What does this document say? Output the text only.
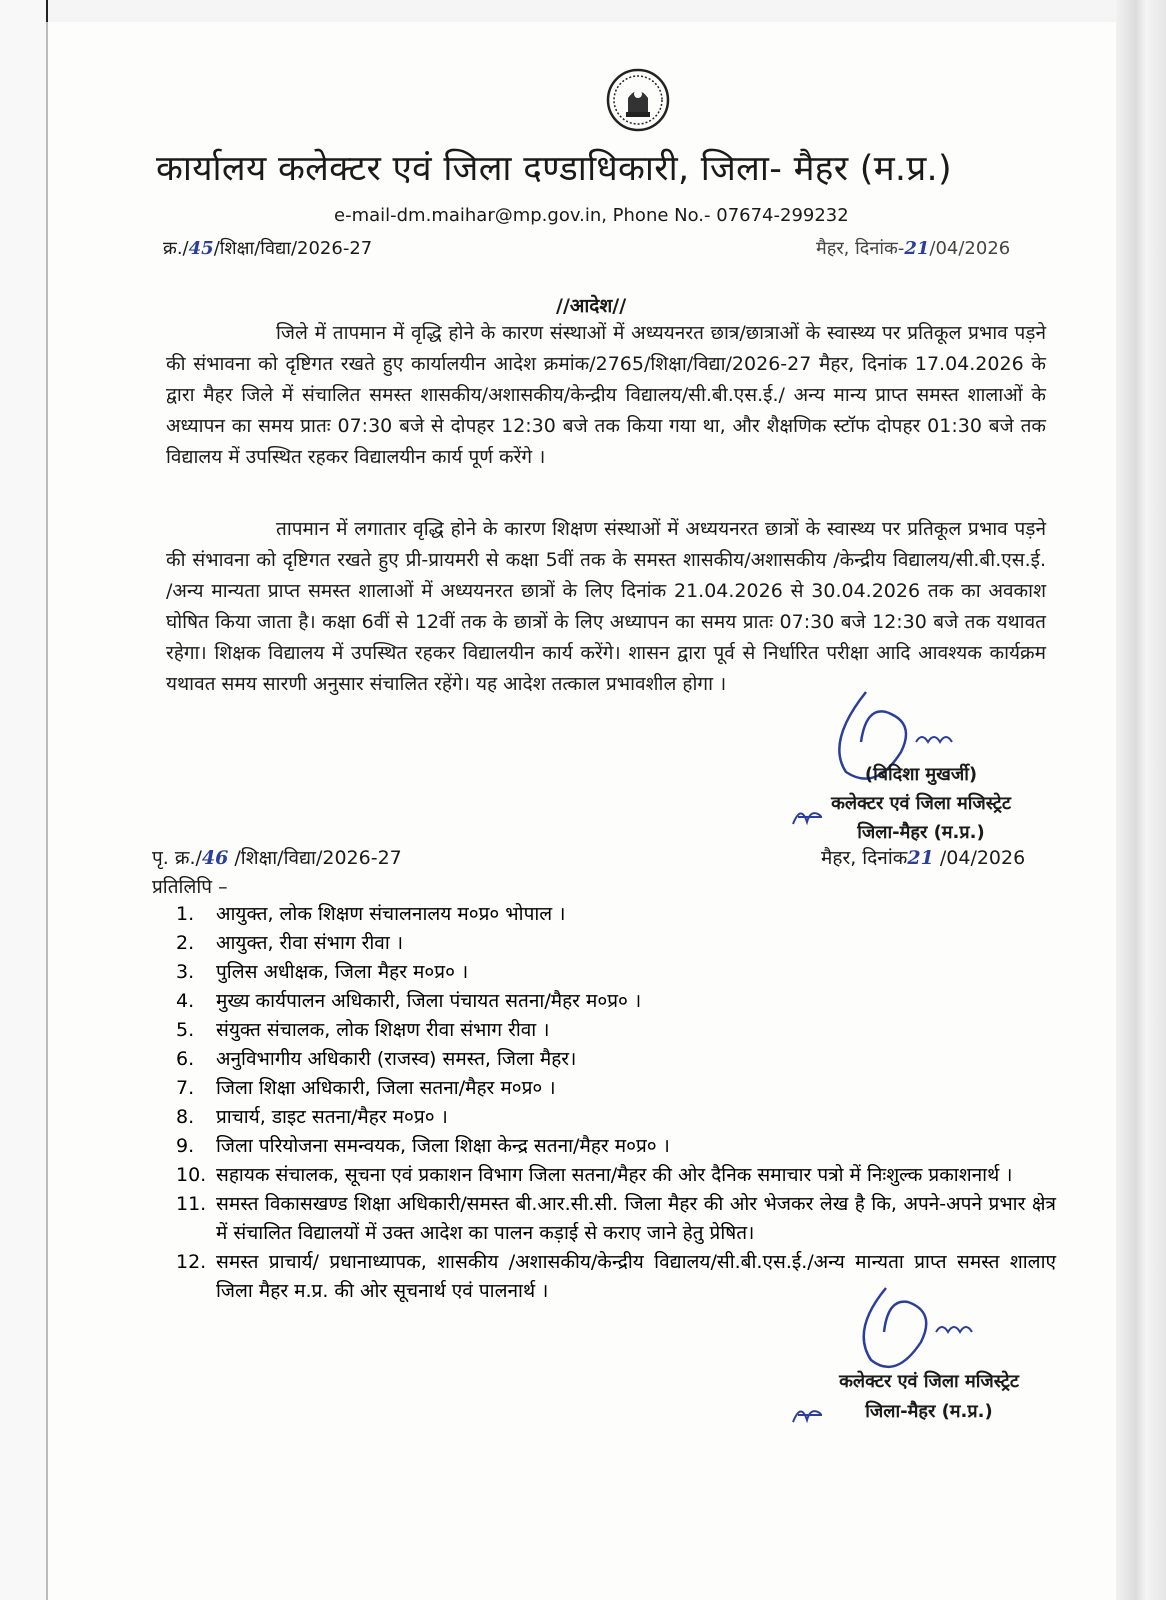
कार्यालय कलेक्टर एवं जिला दण्डाधिकारी, जिला- मैहर (म.प्र.)
e-mail-dm.maihar@mp.gov.in, Phone No.- 07674-299232
क्र./45/शिक्षा/विद्या/2026-27	मैहर, दिनांक-21/04/2026
//आदेश//
जिले में तापमान में वृद्धि होने के कारण संस्थाओं में अध्ययनरत छात्र/छात्राओं के स्वास्थ्य पर प्रतिकूल प्रभाव पड़ने की संभावना को दृष्टिगत रखते हुए कार्यालयीन आदेश क्रमांक/2765/शिक्षा/विद्या/2026-27 मैहर, दिनांक 17.04.2026 के द्वारा मैहर जिले में संचालित समस्त शासकीय/अशासकीय/केन्द्रीय विद्यालय/सी.बी.एस.ई./ अन्य मान्य प्राप्त समस्त शालाओं के अध्यापन का समय प्रातः 07:30 बजे से दोपहर 12:30 बजे तक किया गया था, और शैक्षणिक स्टॉफ दोपहर 01:30 बजे तक विद्यालय में उपस्थित रहकर विद्यालयीन कार्य पूर्ण करेंगे ।
तापमान में लगातार वृद्धि होने के कारण शिक्षण संस्थाओं में अध्ययनरत छात्रों के स्वास्थ्य पर प्रतिकूल प्रभाव पड़ने की संभावना को दृष्टिगत रखते हुए प्री-प्रायमरी से कक्षा 5वीं तक के समस्त शासकीय/अशासकीय /केन्द्रीय विद्यालय/सी.बी.एस.ई. /अन्य मान्यता प्राप्त समस्त शालाओं में अध्ययनरत छात्रों के लिए दिनांक 21.04.2026 से 30.04.2026 तक का अवकाश घोषित किया जाता है। कक्षा 6वीं से 12वीं तक के छात्रों के लिए अध्यापन का समय प्रातः 07:30 बजे 12:30 बजे तक यथावत रहेगा। शिक्षक विद्यालय में उपस्थित रहकर विद्यालयीन कार्य करेंगे। शासन द्वारा पूर्व से निर्धारित परीक्षा आदि आवश्यक कार्यक्रम यथावत समय सारणी अनुसार संचालित रहेंगे। यह आदेश तत्काल प्रभावशील होगा ।
(बिदिशा मुखर्जी)
कलेक्टर एवं जिला मजिस्ट्रेट
जिला-मैहर (म.प्र.)
पृ. क्र./46 /शिक्षा/विद्या/2026-27	मैहर, दिनांक21 /04/2026
प्रतिलिपि –
1.	आयुक्त, लोक शिक्षण संचालनालय म०प्र० भोपाल ।
2.	आयुक्त, रीवा संभाग रीवा ।
3.	पुलिस अधीक्षक, जिला मैहर म०प्र० ।
4.	मुख्य कार्यपालन अधिकारी, जिला पंचायत सतना/मैहर म०प्र० ।
5.	संयुक्त संचालक, लोक शिक्षण रीवा संभाग रीवा ।
6.	अनुविभागीय अधिकारी (राजस्व) समस्त, जिला मैहर।
7.	जिला शिक्षा अधिकारी, जिला सतना/मैहर म०प्र० ।
8.	प्राचार्य, डाइट सतना/मैहर म०प्र० ।
9.	जिला परियोजना समन्वयक, जिला शिक्षा केन्द्र सतना/मैहर म०प्र० ।
10. सहायक संचालक, सूचना एवं प्रकाशन विभाग जिला सतना/मैहर की ओर दैनिक समाचार पत्रो में निःशुल्क प्रकाशनार्थ ।
11. समस्त विकासखण्ड शिक्षा अधिकारी/समस्त बी.आर.सी.सी. जिला मैहर की ओर भेजकर लेख है कि, अपने-अपने प्रभार क्षेत्र में संचालित विद्यालयों में उक्त आदेश का पालन कड़ाई से कराए जाने हेतु प्रेषित।
12. समस्त प्राचार्य/ प्रधानाध्यापक, शासकीय /अशासकीय/केन्द्रीय विद्यालय/सी.बी.एस.ई./अन्य मान्यता प्राप्त समस्त शालाए जिला मैहर म.प्र. की ओर सूचनार्थ एवं पालनार्थ ।
कलेक्टर एवं जिला मजिस्ट्रेट
जिला-मैहर (म.प्र.)
